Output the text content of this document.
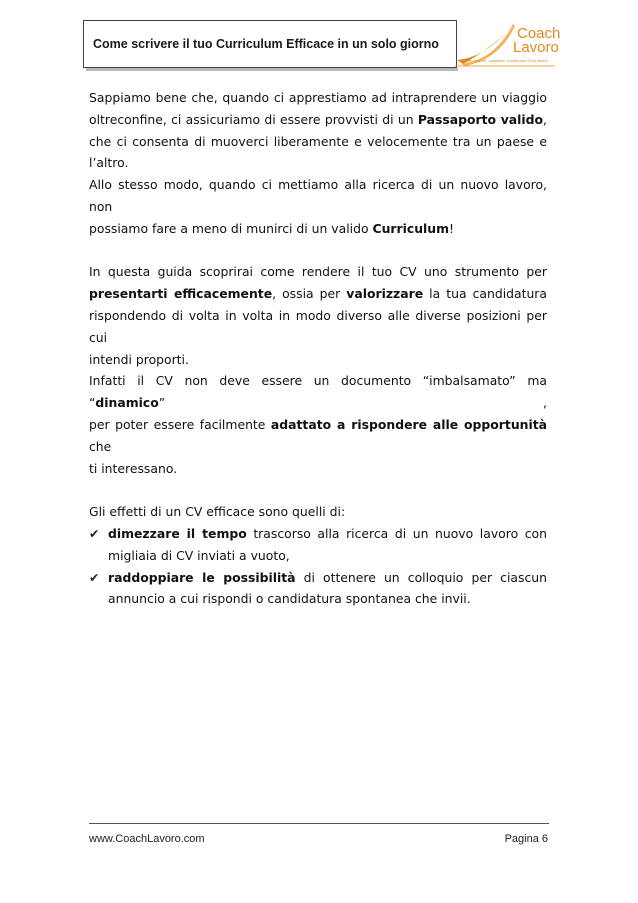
Come scrivere il tuo Curriculum Efficace in un solo giorno
Coach
Lavoro
per trovare, cambiare, mantenere il tuo lavoro

Sappiamo bene che, quando ci apprestiamo ad intraprendere un viaggio

oltreconfine, ci assicuriamo di essere provvisti di un Passaporto valido,

che ci consenta di muoverci liberamente e velocemente tra un paese e

l’altro.

Allo stesso modo, quando ci mettiamo alla ricerca di un nuovo lavoro, non

possiamo fare a meno di munirci di un valido Curriculum!

In questa guida scoprirai come rendere il tuo CV uno strumento per

presentarti efficacemente, ossia per valorizzare la tua candidatura

rispondendo di volta in volta in modo diverso alle diverse posizioni per cui

intendi proporti.

Infatti il CV non deve essere un documento “imbalsamato” ma “dinamico” ,

per poter essere facilmente adattato a rispondere alle opportunità che

ti interessano.

Gli effetti di un CV efficace sono quelli di:

✔ dimezzare il tempo trascorso alla ricerca di un nuovo lavoro con

migliaia di CV inviati a vuoto,

✔ raddoppiare le possibilità di ottenere un colloquio per ciascun

annuncio a cui rispondi o candidatura spontanea che invii.

www.CoachLavoro.com	Pagina 6
